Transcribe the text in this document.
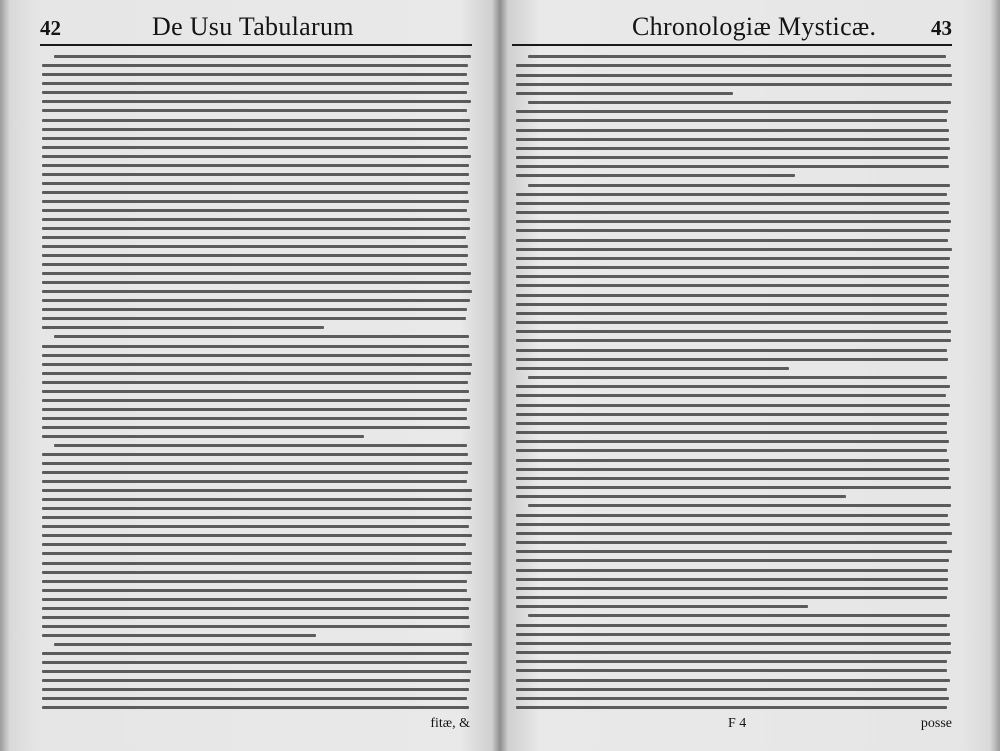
42	De Usu Tabularum
fitæ, &
Chronologiæ Mysticæ.	43
F 4	posse
